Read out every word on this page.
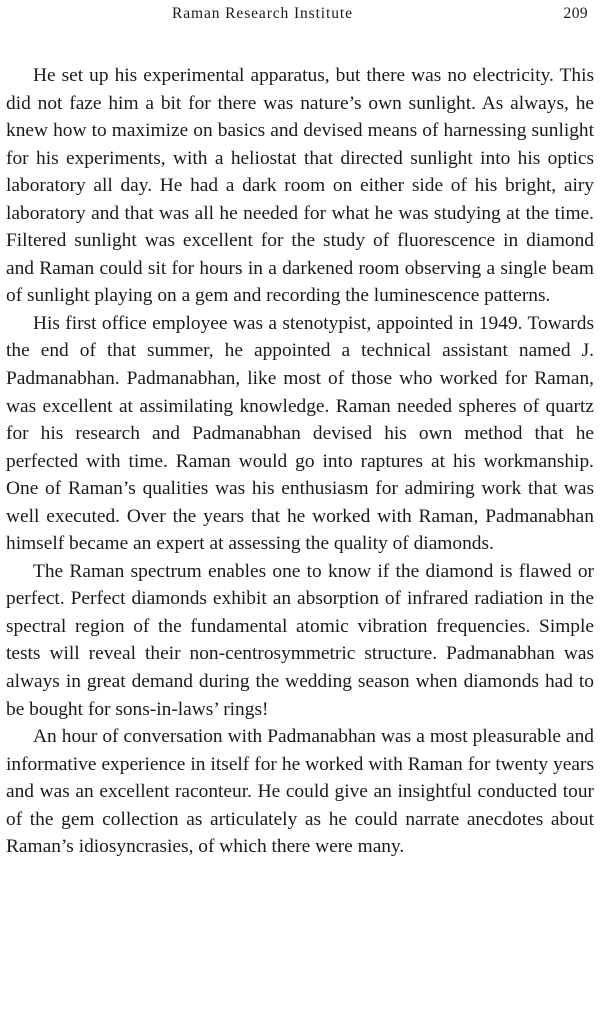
Raman Research Institute	209

He set up his experimental apparatus, but there was no electricity. This did not faze him a bit for there was nature’s own sunlight. As always, he knew how to maximize on basics and devised means of harnessing sunlight for his experiments, with a heliostat that directed sunlight into his optics laboratory all day. He had a dark room on either side of his bright, airy laboratory and that was all he needed for what he was studying at the time. Filtered sunlight was excellent for the study of fluorescence in diamond and Raman could sit for hours in a darkened room observing a single beam of sunlight playing on a gem and recording the luminescence patterns.

His first office employee was a stenotypist, appointed in 1949. Towards the end of that summer, he appointed a technical assistant named J. Padmanabhan. Padmanabhan, like most of those who worked for Raman, was excellent at assimilating knowledge. Raman needed spheres of quartz for his research and Padmanabhan devised his own method that he perfected with time. Raman would go into raptures at his workmanship. One of Raman’s qualities was his enthusiasm for admiring work that was well executed. Over the years that he worked with Raman, Padmanabhan himself became an expert at assessing the quality of diamonds.

The Raman spectrum enables one to know if the diamond is flawed or perfect. Perfect diamonds exhibit an absorption of infrared radiation in the spectral region of the fundamental atomic vibration frequencies. Simple tests will reveal their non-centrosymmetric structure. Padmanabhan was always in great demand during the wedding season when diamonds had to be bought for sons-in-laws’ rings!

An hour of conversation with Padmanabhan was a most pleasurable and informative experience in itself for he worked with Raman for twenty years and was an excellent raconteur. He could give an insightful conducted tour of the gem collection as articulately as he could narrate anecdotes about Raman’s idiosyncrasies, of which there were many.
